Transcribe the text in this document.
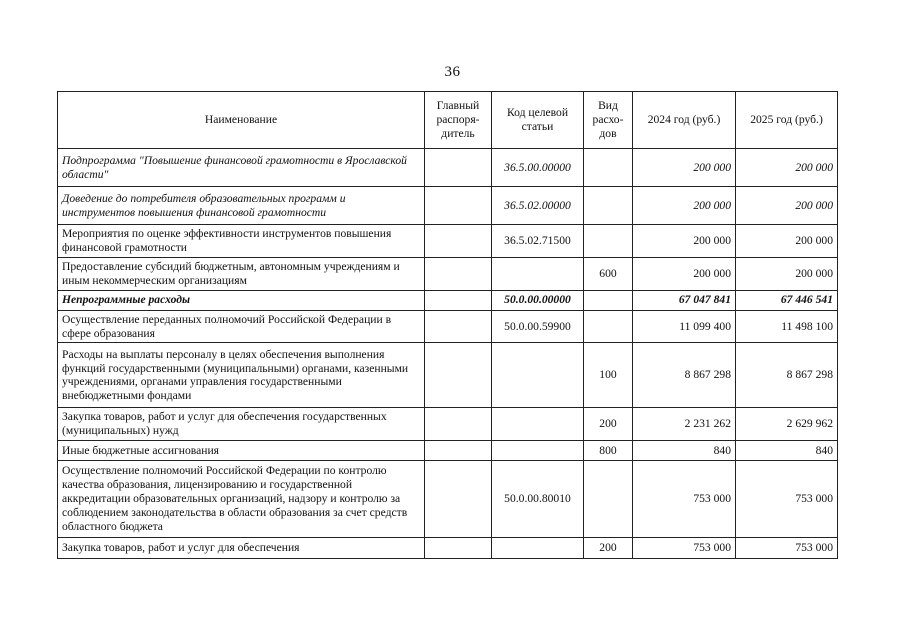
36
Наименование	Главный распоря-дитель	Код целевой статьи	Вид расхо-дов	2024 год (руб.)	2025 год (руб.)
Подпрограмма "Повышение финансовой грамотности в Ярославской области"		36.5.00.00000		200 000	200 000
Доведение до потребителя образовательных программ и инструментов повышения финансовой грамотности		36.5.02.00000		200 000	200 000
Мероприятия по оценке эффективности инструментов повышения финансовой грамотности		36.5.02.71500		200 000	200 000
Предоставление субсидий бюджетным, автономным учреждениям и иным некоммерческим организациям			600	200 000	200 000
Непрограммные расходы		50.0.00.00000		67 047 841	67 446 541
Осуществление переданных полномочий Российской Федерации в сфере образования		50.0.00.59900		11 099 400	11 498 100
Расходы на выплаты персоналу в целях обеспечения выполнения функций государственными (муниципальными) органами, казенными учреждениями, органами управления государственными внебюджетными фондами			100	8 867 298	8 867 298
Закупка товаров, работ и услуг для обеспечения государственных (муниципальных) нужд			200	2 231 262	2 629 962
Иные бюджетные ассигнования			800	840	840
Осуществление полномочий Российской Федерации по контролю качества образования, лицензированию и государственной аккредитации образовательных организаций, надзору и контролю за соблюдением законодательства в области образования за счет средств областного бюджета		50.0.00.80010		753 000	753 000
Закупка товаров, работ и услуг для обеспечения			200	753 000	753 000
